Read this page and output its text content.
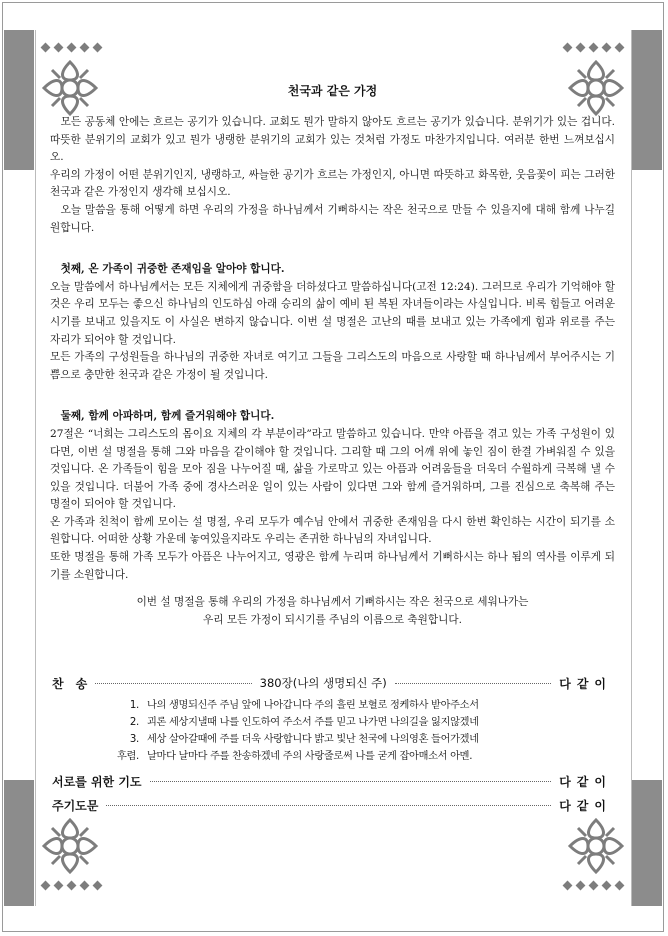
천국과 같은 가정

모든 공동체 안에는 흐르는 공기가 있습니다. 교회도 뭔가 말하지 않아도 흐르는 공기가 있습니다. 분위기가 있는 겁니다. 따뜻한 분위기의 교회가 있고 뭔가 냉랭한 분위기의 교회가 있는 것처럼 가정도 마찬가지입니다. 여러분 한번 느껴보십시오.

우리의 가정이 어떤 분위기인지, 냉랭하고, 싸늘한 공기가 흐르는 가정인지, 아니면 따뜻하고 화목한, 웃음꽃이 피는 그러한 천국과 같은 가정인지 생각해 보십시오.

오늘 말씀을 통해 어떻게 하면 우리의 가정을 하나님께서 기뻐하시는 작은 천국으로 만들 수 있을지에 대해 함께 나누길 원합니다.

첫째, 온 가족이 귀중한 존재임을 알아야 합니다.

오늘 말씀에서 하나님께서는 모든 지체에게 귀중함을 더하셨다고 말씀하십니다(고전 12:24). 그러므로 우리가 기억해야 할 것은 우리 모두는 좋으신 하나님의 인도하심 아래 승리의 삶이 예비 된 복된 자녀들이라는 사실입니다. 비록 힘들고 어려운 시기를 보내고 있을지도 이 사실은 변하지 않습니다. 이번 설 명절은 고난의 때를 보내고 있는 가족에게 힘과 위로를 주는 자리가 되어야 할 것입니다.

모든 가족의 구성원들을 하나님의 귀중한 자녀로 여기고 그들을 그리스도의 마음으로 사랑할 때 하나님께서 부어주시는 기쁨으로 충만한 천국과 같은 가정이 될 것입니다.

둘째, 함께 아파하며, 함께 즐거워해야 합니다.

27절은 “너희는 그리스도의 몸이요 지체의 각 부분이라”라고 말씀하고 있습니다. 만약 아픔을 겪고 있는 가족 구성원이 있다면, 이번 설 명절을 통해 그와 마음을 같이해야 할 것입니다. 그리할 때 그의 어깨 위에 놓인 짐이 한결 가벼워질 수 있을 것입니다. 온 가족들이 힘을 모아 짐을 나누어질 때, 삶을 가로막고 있는 아픔과 어려움들을 더욱더 수월하게 극복해 낼 수 있을 것입니다. 더불어 가족 중에 경사스러운 일이 있는 사람이 있다면 그와 함께 즐거워하며, 그를 진심으로 축복해 주는 명절이 되어야 할 것입니다.

온 가족과 친척이 함께 모이는 설 명절, 우리 모두가 예수님 안에서 귀중한 존재임을 다시 한번 확인하는 시간이 되기를 소원합니다. 어떠한 상황 가운데 놓여있을지라도 우리는 존귀한 하나님의 자녀입니다.

또한 명절을 통해 가족 모두가 아픔은 나누어지고, 영광은 함께 누리며 하나님께서 기뻐하시는 하나 됨의 역사를 이루게 되기를 소원합니다.

이번 설 명절을 통해 우리의 가정을 하나님께서 기뻐하시는 작은 천국으로 세워나가는
우리 모든 가정이 되시기를 주님의 이름으로 축원합니다.
찬　송	380장(나의 생명되신 주)	다같이
1. 나의 생명되신주 주님 앞에 나아갑니다 주의 흘린 보혈로 정케하사 받아주소서
2. 괴론 세상지낼때 나를 인도하여 주소서 주를 믿고 나가면 나의길을 잃지않겠네
3. 세상 살아갈때에 주를 더욱 사랑합니다 밝고 빛난 천국에 나의영혼 들어가겠네
후렴. 날마다 날마다 주를 찬송하겠네 주의 사랑줄로써 나를 굳게 잡아매소서 아멘.
서로를 위한 기도	다같이
주기도문	다같이
